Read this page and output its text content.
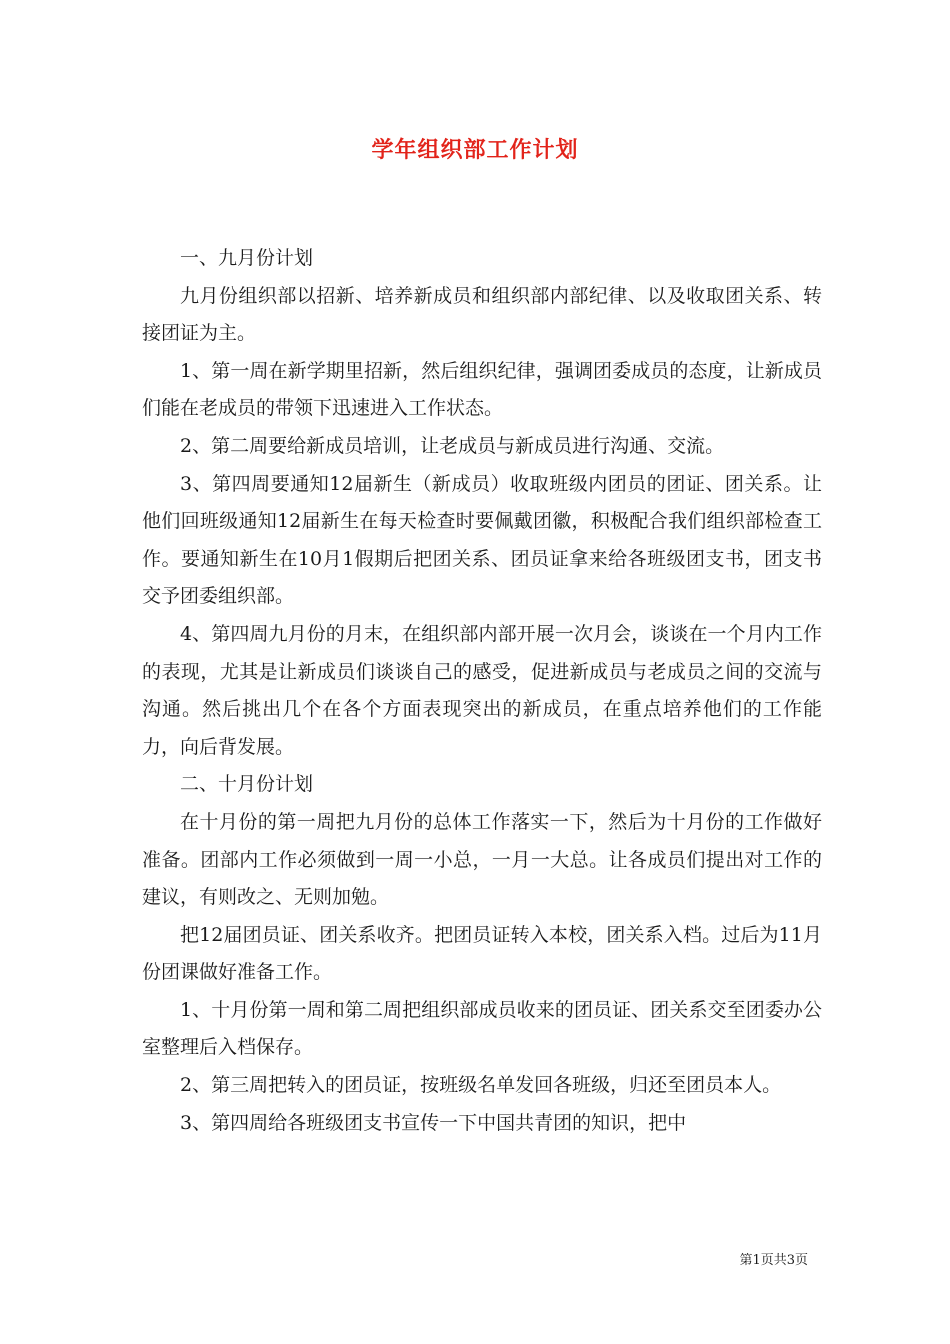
学年组织部工作计划

一、九月份计划

九月份组织部以招新、培养新成员和组织部内部纪律、以及收取团关系、转接团证为主。

1、第一周在新学期里招新，然后组织纪律，强调团委成员的态度，让新成员们能在老成员的带领下迅速进入工作状态。

2、第二周要给新成员培训，让老成员与新成员进行沟通、交流。

3、第四周要通知12届新生（新成员）收取班级内团员的团证、团关系。让他们回班级通知12届新生在每天检查时要佩戴团徽，积极配合我们组织部检查工作。要通知新生在10月1假期后把团关系、团员证拿来给各班级团支书，团支书交予团委组织部。

4、第四周九月份的月末，在组织部内部开展一次月会，谈谈在一个月内工作的表现，尤其是让新成员们谈谈自己的感受，促进新成员与老成员之间的交流与沟通。然后挑出几个在各个方面表现突出的新成员，在重点培养他们的工作能力，向后背发展。

二、十月份计划

在十月份的第一周把九月份的总体工作落实一下，然后为十月份的工作做好准备。团部内工作必须做到一周一小总，一月一大总。让各成员们提出对工作的建议，有则改之、无则加勉。

把12届团员证、团关系收齐。把团员证转入本校，团关系入档。过后为11月份团课做好准备工作。

1、十月份第一周和第二周把组织部成员收来的团员证、团关系交至团委办公室整理后入档保存。

2、第三周把转入的团员证，按班级名单发回各班级，归还至团员本人。

3、第四周给各班级团支书宣传一下中国共青团的知识，把中

第1页共3页
